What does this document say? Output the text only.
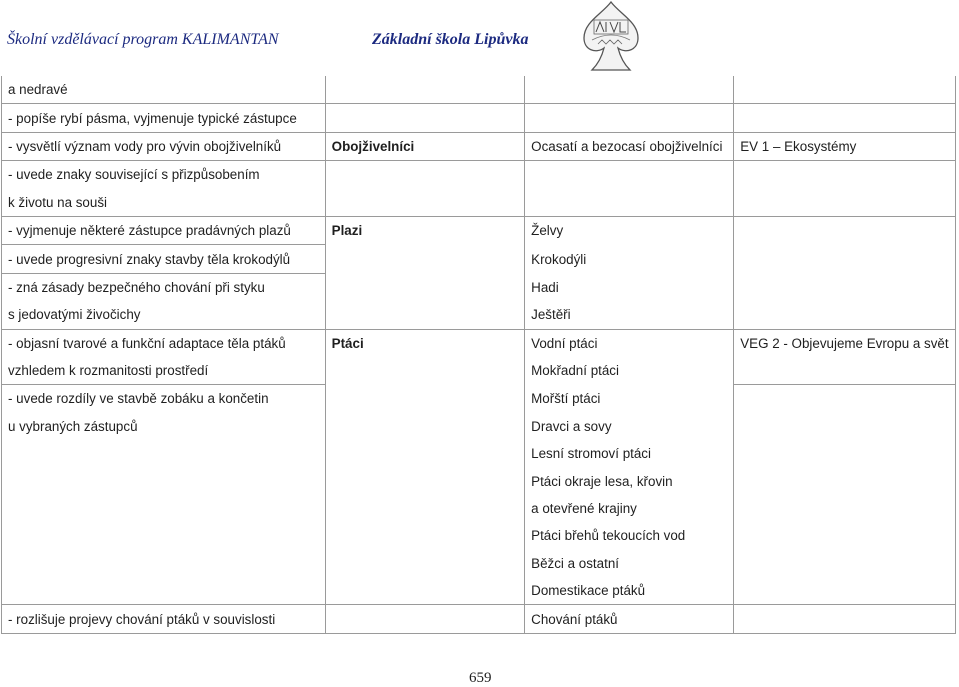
Školní vzdělávací program KALIMANTAN	Základní škola Lipůvka
a nedravé			
- popíše rybí pásma, vyjmenuje typické zástupce			
- vysvětlí význam vody pro vývin obojživelníků	Obojživelníci	Ocasatí a bezocasí obojživelníci	EV 1 – Ekosystémy
- uvede znaky související s přizpůsobením			
k životu na souši			
- vyjmenuje některé zástupce pradávných plazů	Plazi	Želvy	
- uvede progresivní znaky stavby těla krokodýlů		Krokodýli	
- zná zásady bezpečného chování při styku		Hadi	
s jedovatými živočichy		Ještěři	
- objasní tvarové a funkční adaptace těla ptáků	Ptáci	Vodní ptáci	VEG 2 - Objevujeme Evropu a svět
vzhledem k rozmanitosti prostředí		Mokřadní ptáci	
- uvede rozdíly ve stavbě zobáku a končetin		Mořští ptáci	
u vybraných zástupců		Dravci a sovy	
		Lesní stromoví ptáci	
		Ptáci okraje lesa, křovin	
		a otevřené krajiny	
		Ptáci břehů tekoucích vod	
		Běžci a ostatní	
		Domestikace ptáků	
- rozlišuje projevy chování ptáků v souvislosti		Chování ptáků	
659
